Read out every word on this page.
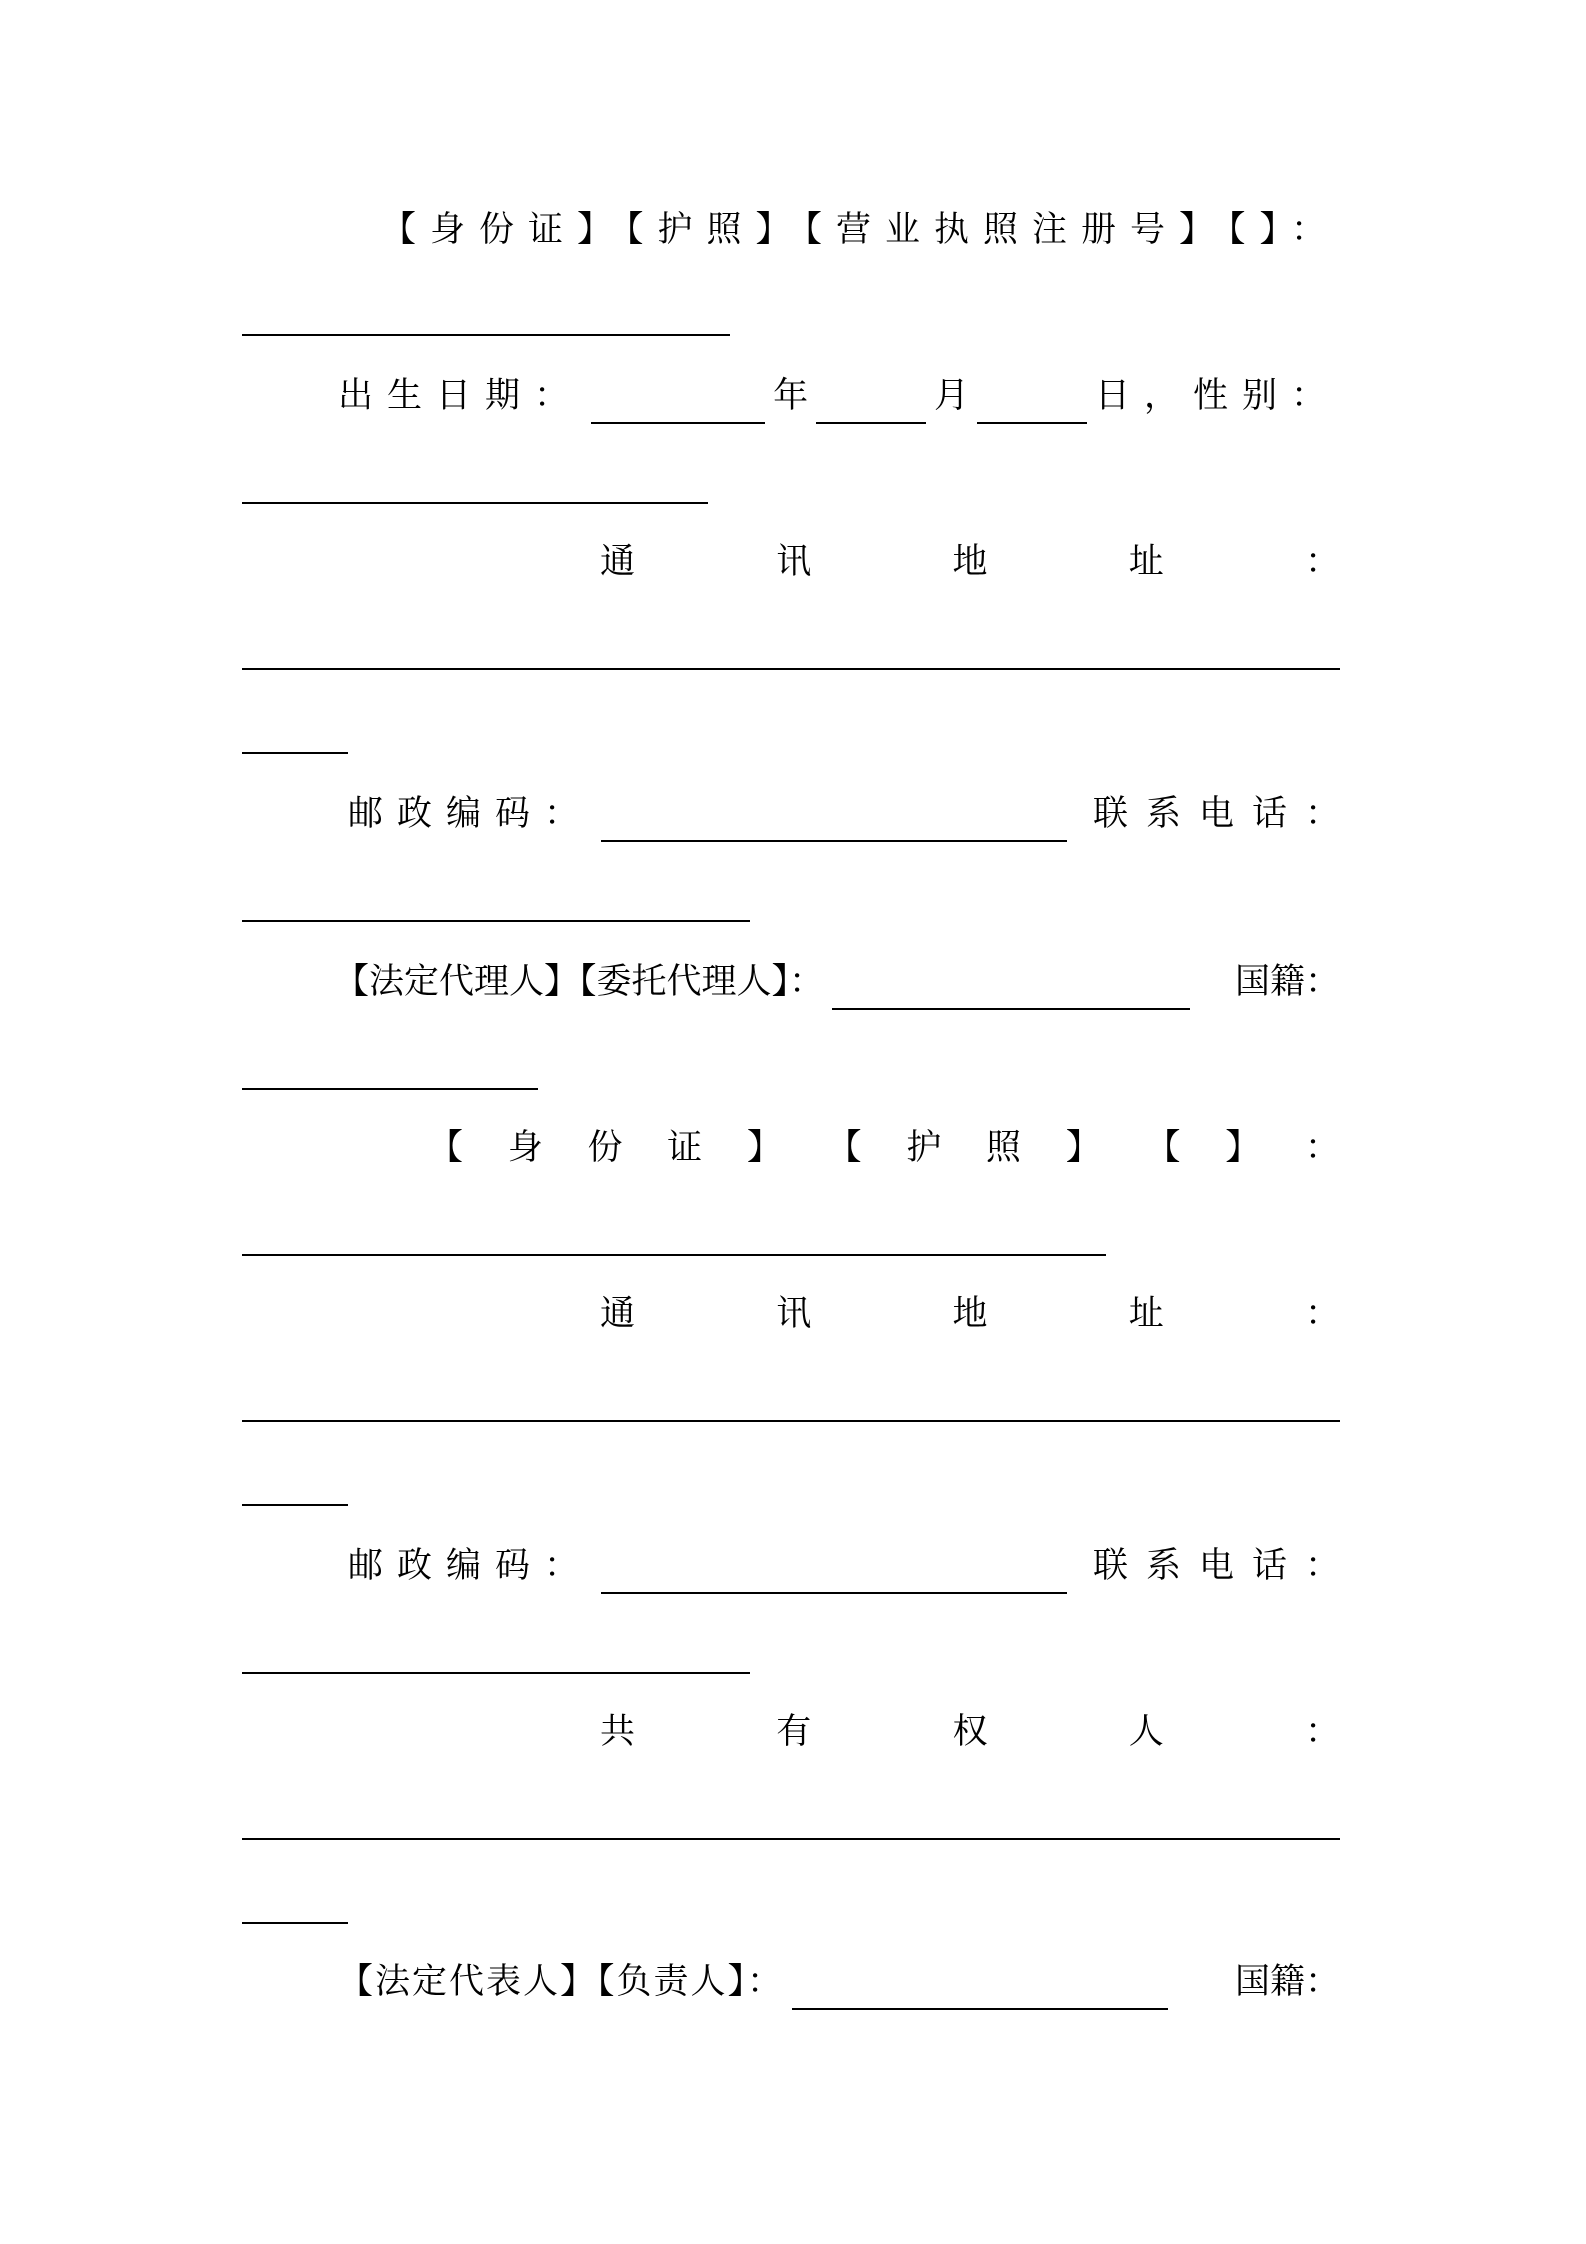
【身份证】【护照】【营业执照注册号】【】：
出生日期：	年	月	日，性别：
通	讯	地	址	：
邮政编码：	联系电话：
【法定代理人】【委托代理人】：	国籍：
【 身 份 证 】 【 护 照 】 【 】 ：
通	讯	地	址	：
邮政编码：	联系电话：
共	有	权	人	：
【法定代表人】【负责人】：	国籍：
